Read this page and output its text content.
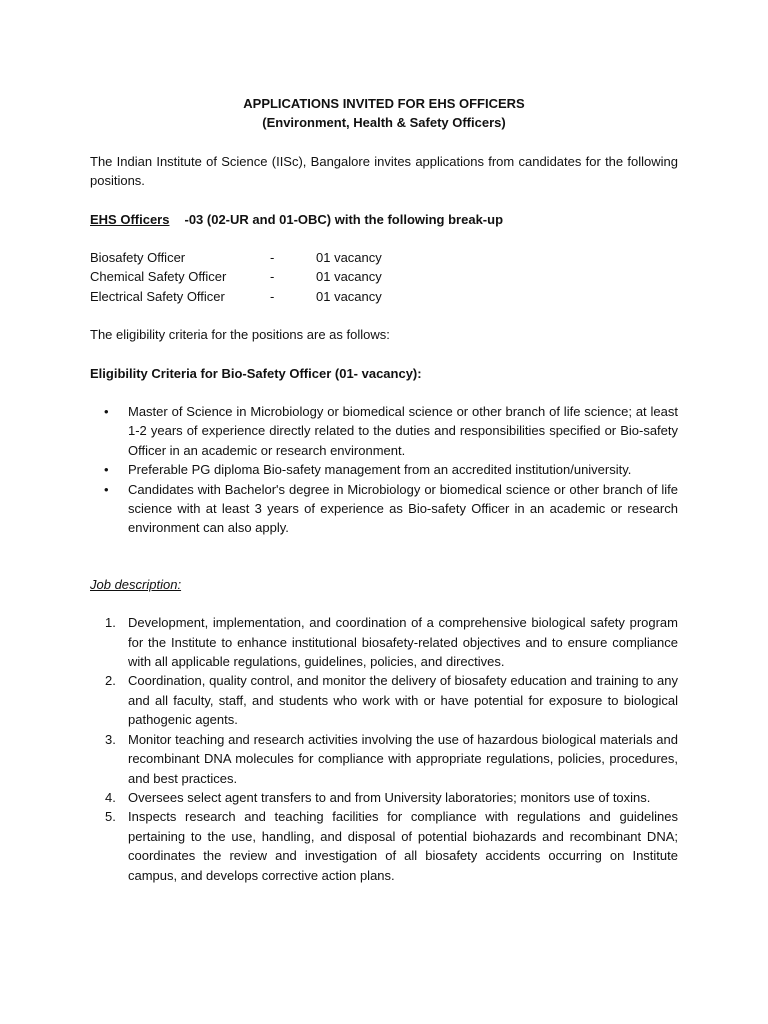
APPLICATIONS INVITED FOR EHS OFFICERS

(Environment, Health & Safety Officers)

The Indian Institute of Science (IISc), Bangalore invites applications from candidates for the following positions.

EHS Officers -03 (02-UR and 01-OBC) with the following break-up

Biosafety Officer	-	01 vacancy
Chemical Safety Officer	-	01 vacancy
Electrical Safety Officer	-	01 vacancy

The eligibility criteria for the positions are as follows:

Eligibility Criteria for Bio-Safety Officer (01- vacancy):

• Master of Science in Microbiology or biomedical science or other branch of life science; at least 1-2 years of experience directly related to the duties and responsibilities specified or Bio-safety Officer in an academic or research environment.
• Preferable PG diploma Bio-safety management from an accredited institution/university.
• Candidates with Bachelor's degree in Microbiology or biomedical science or other branch of life science with at least 3 years of experience as Bio-safety Officer in an academic or research environment can also apply.

Job description:

1. Development, implementation, and coordination of a comprehensive biological safety program for the Institute to enhance institutional biosafety-related objectives and to ensure compliance with all applicable regulations, guidelines, policies, and directives.
2. Coordination, quality control, and monitor the delivery of biosafety education and training to any and all faculty, staff, and students who work with or have potential for exposure to biological pathogenic agents.
3. Monitor teaching and research activities involving the use of hazardous biological materials and recombinant DNA molecules for compliance with appropriate regulations, policies, procedures, and best practices.
4. Oversees select agent transfers to and from University laboratories; monitors use of toxins.
5. Inspects research and teaching facilities for compliance with regulations and guidelines pertaining to the use, handling, and disposal of potential biohazards and recombinant DNA; coordinates the review and investigation of all biosafety accidents occurring on Institute campus, and develops corrective action plans.
